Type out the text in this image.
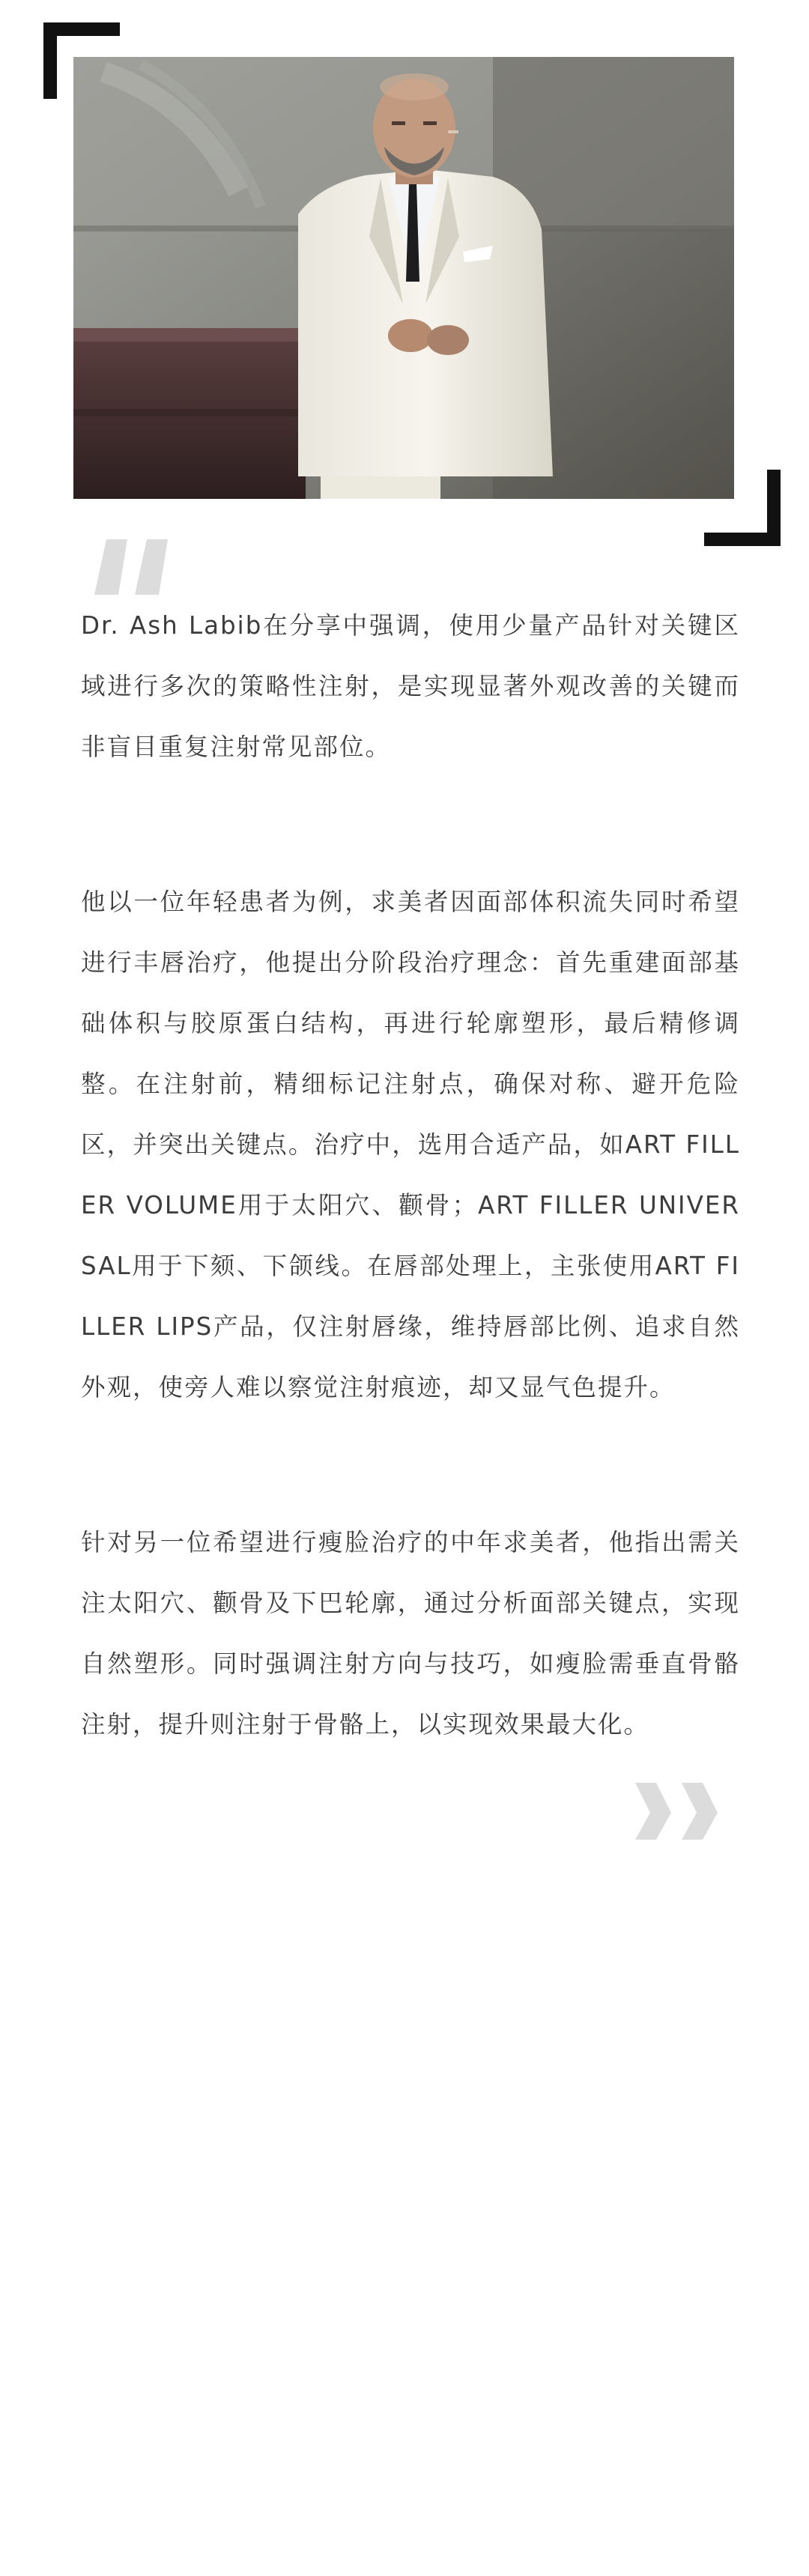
Dr. Ash Labib在分享中强调，使用少量产品针对关键区域进行多次的策略性注射，是实现显著外观改善的关键而非盲目重复注射常见部位。

他以一位年轻患者为例，求美者因面部体积流失同时希望进行丰唇治疗，他提出分阶段治疗理念：首先重建面部基础体积与胶原蛋白结构，再进行轮廓塑形，最后精修调整。在注射前，精细标记注射点，确保对称、避开危险区，并突出关键点。治疗中，选用合适产品，如ART FILLER VOLUME用于太阳穴、颧骨；ART FILLER UNIVERSAL用于下颏、下颌线。在唇部处理上，主张使用ART FILLER LIPS产品，仅注射唇缘，维持唇部比例、追求自然外观，使旁人难以察觉注射痕迹，却又显气色提升。

针对另一位希望进行瘦脸治疗的中年求美者，他指出需关注太阳穴、颧骨及下巴轮廓，通过分析面部关键点，实现自然塑形。同时强调注射方向与技巧，如瘦脸需垂直骨骼注射，提升则注射于骨骼上，以实现效果最大化。
